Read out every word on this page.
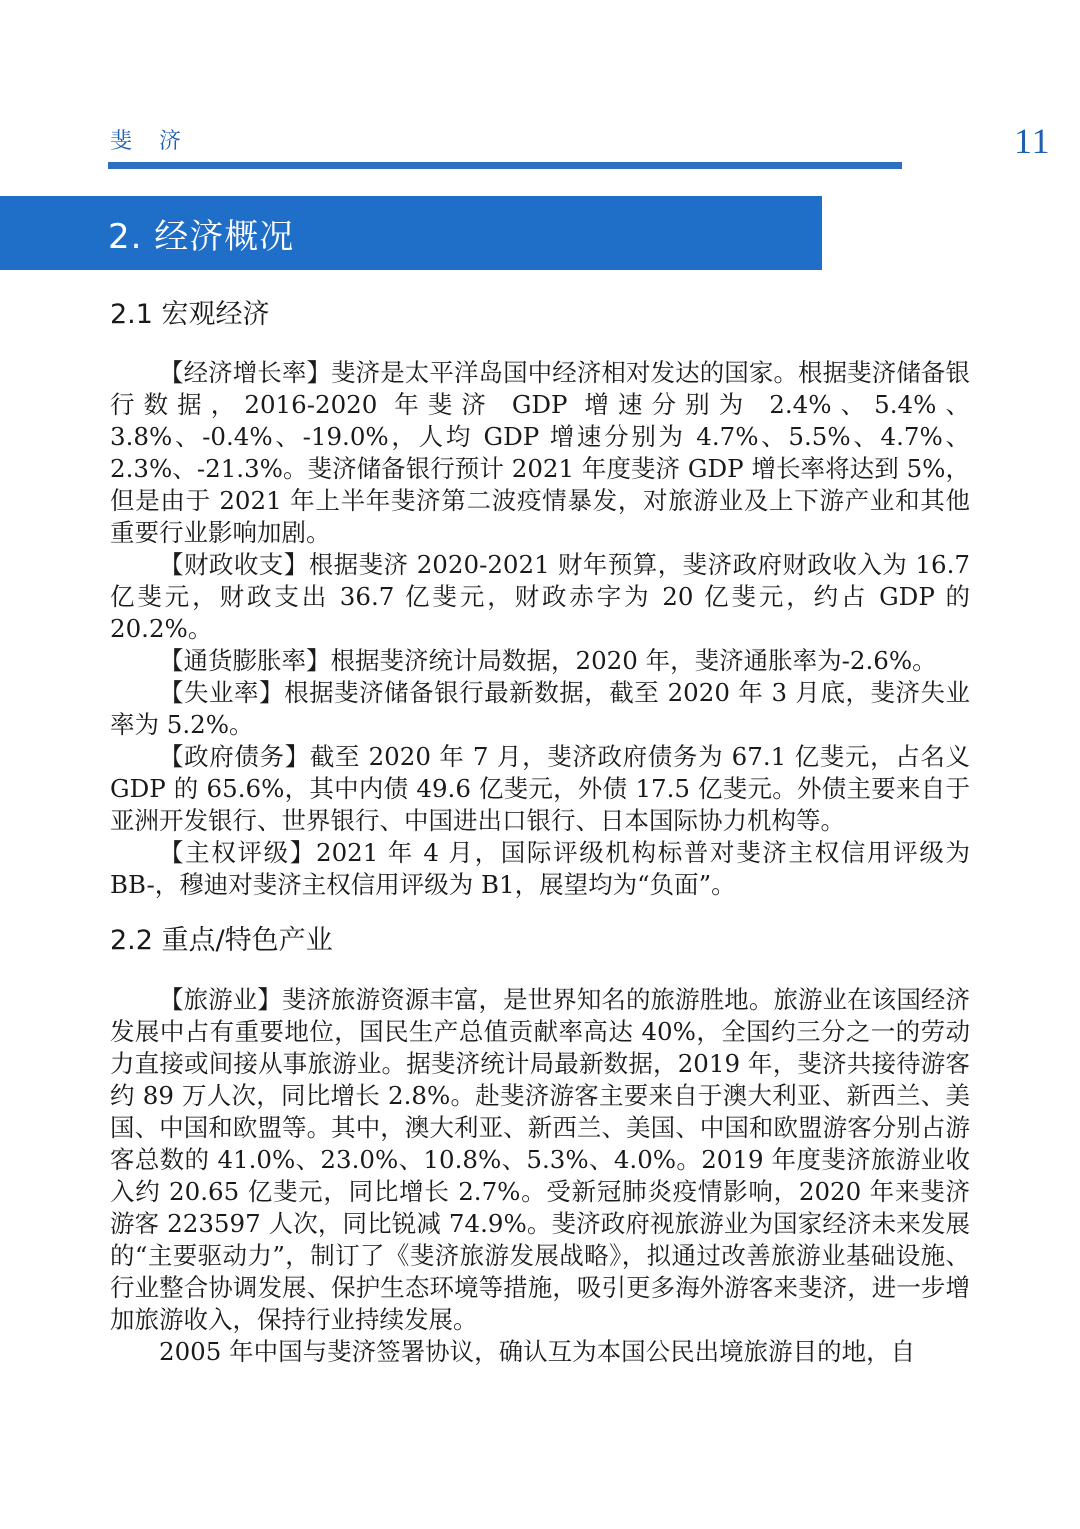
斐 济	11
2. 经济概况
2.1 宏观经济

【经济增长率】斐济是太平洋岛国中经济相对发达的国家。根据斐济储备银行数据，2016-2020 年斐济 GDP 增速分别为 2.4%、5.4%、3.8%、-0.4%、-19.0%，人均 GDP 增速分别为 4.7%、5.5%、4.7%、2.3%、-21.3%。斐济储备银行预计 2021 年度斐济 GDP 增长率将达到 5%，但是由于 2021 年上半年斐济第二波疫情暴发，对旅游业及上下游产业和其他重要行业影响加剧。

【财政收支】根据斐济 2020-2021 财年预算，斐济政府财政收入为 16.7 亿斐元，财政支出 36.7 亿斐元，财政赤字为 20 亿斐元，约占 GDP 的 20.2%。

【通货膨胀率】根据斐济统计局数据，2020 年，斐济通胀率为-2.6%。

【失业率】根据斐济储备银行最新数据，截至 2020 年 3 月底，斐济失业率为 5.2%。

【政府债务】截至 2020 年 7 月，斐济政府债务为 67.1 亿斐元，占名义 GDP 的 65.6%，其中内债 49.6 亿斐元，外债 17.5 亿斐元。外债主要来自于亚洲开发银行、世界银行、中国进出口银行、日本国际协力机构等。

【主权评级】2021 年 4 月，国际评级机构标普对斐济主权信用评级为 BB-，穆迪对斐济主权信用评级为 B1，展望均为“负面”。

2.2 重点/特色产业

【旅游业】斐济旅游资源丰富，是世界知名的旅游胜地。旅游业在该国经济发展中占有重要地位，国民生产总值贡献率高达 40%，全国约三分之一的劳动力直接或间接从事旅游业。据斐济统计局最新数据，2019 年，斐济共接待游客约 89 万人次，同比增长 2.8%。赴斐济游客主要来自于澳大利亚、新西兰、美国、中国和欧盟等。其中，澳大利亚、新西兰、美国、中国和欧盟游客分别占游客总数的 41.0%、23.0%、10.8%、5.3%、4.0%。2019 年度斐济旅游业收入约 20.65 亿斐元，同比增长 2.7%。受新冠肺炎疫情影响，2020 年来斐济游客 223597 人次，同比锐减 74.9%。斐济政府视旅游业为国家经济未来发展的“主要驱动力”，制订了《斐济旅游发展战略》，拟通过改善旅游业基础设施、行业整合协调发展、保护生态环境等措施，吸引更多海外游客来斐济，进一步增加旅游收入，保持行业持续发展。

2005 年中国与斐济签署协议，确认互为本国公民出境旅游目的地，自
